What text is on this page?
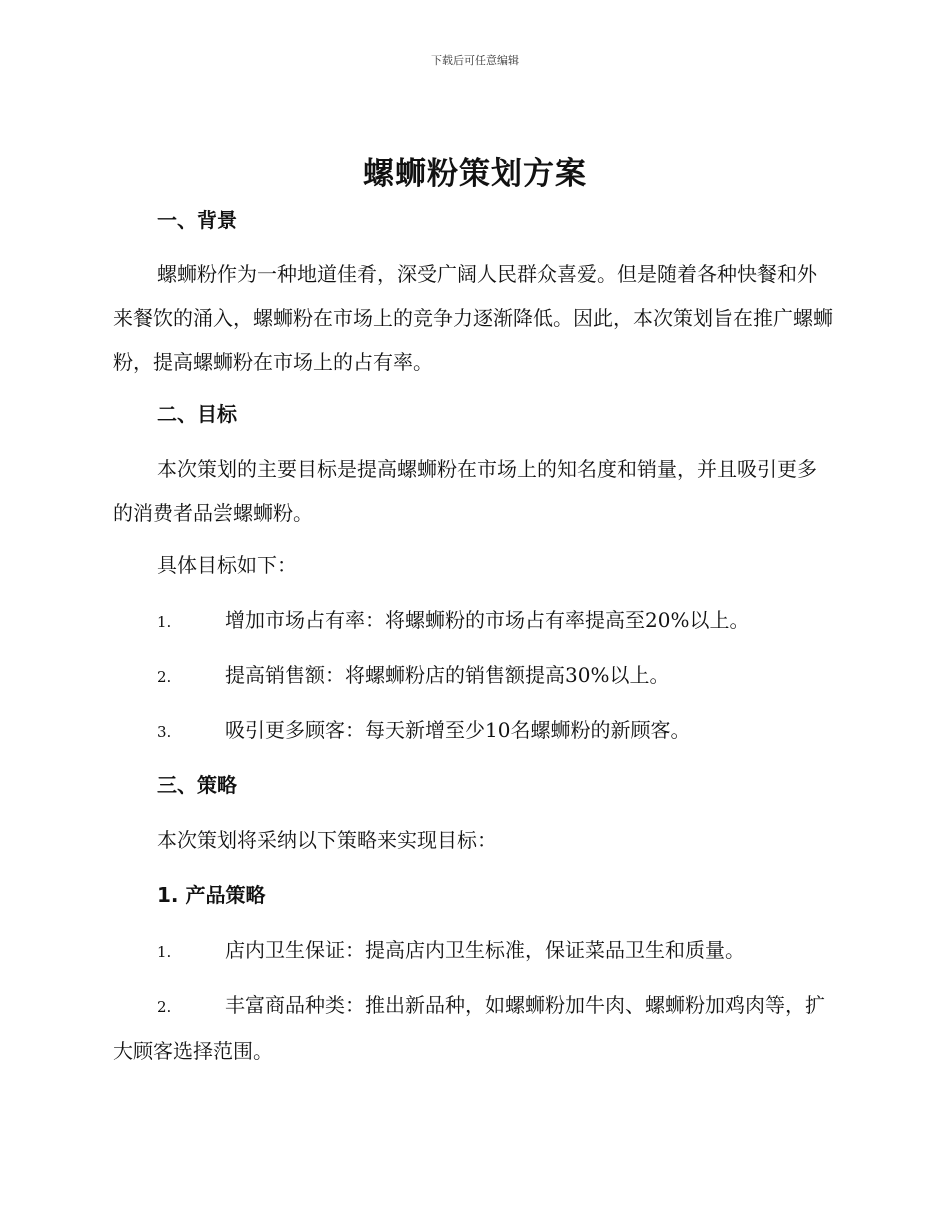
下载后可任意编辑
螺蛳粉策划方案
一、背景
螺蛳粉作为一种地道佳肴，深受广阔人民群众喜爱。但是随着各种快餐和外来餐饮的涌入，螺蛳粉在市场上的竞争力逐渐降低。因此，本次策划旨在推广螺蛳粉，提高螺蛳粉在市场上的占有率。
二、目标
本次策划的主要目标是提高螺蛳粉在市场上的知名度和销量，并且吸引更多的消费者品尝螺蛳粉。
具体目标如下：
1.	增加市场占有率：将螺蛳粉的市场占有率提高至20%以上。
2.	提高销售额：将螺蛳粉店的销售额提高30%以上。
3.	吸引更多顾客：每天新增至少10名螺蛳粉的新顾客。
三、策略
本次策划将采纳以下策略来实现目标：
1. 产品策略
1.	店内卫生保证：提高店内卫生标准，保证菜品卫生和质量。
2.	丰富商品种类：推出新品种，如螺蛳粉加牛肉、螺蛳粉加鸡肉等，扩大顾客选择范围。
